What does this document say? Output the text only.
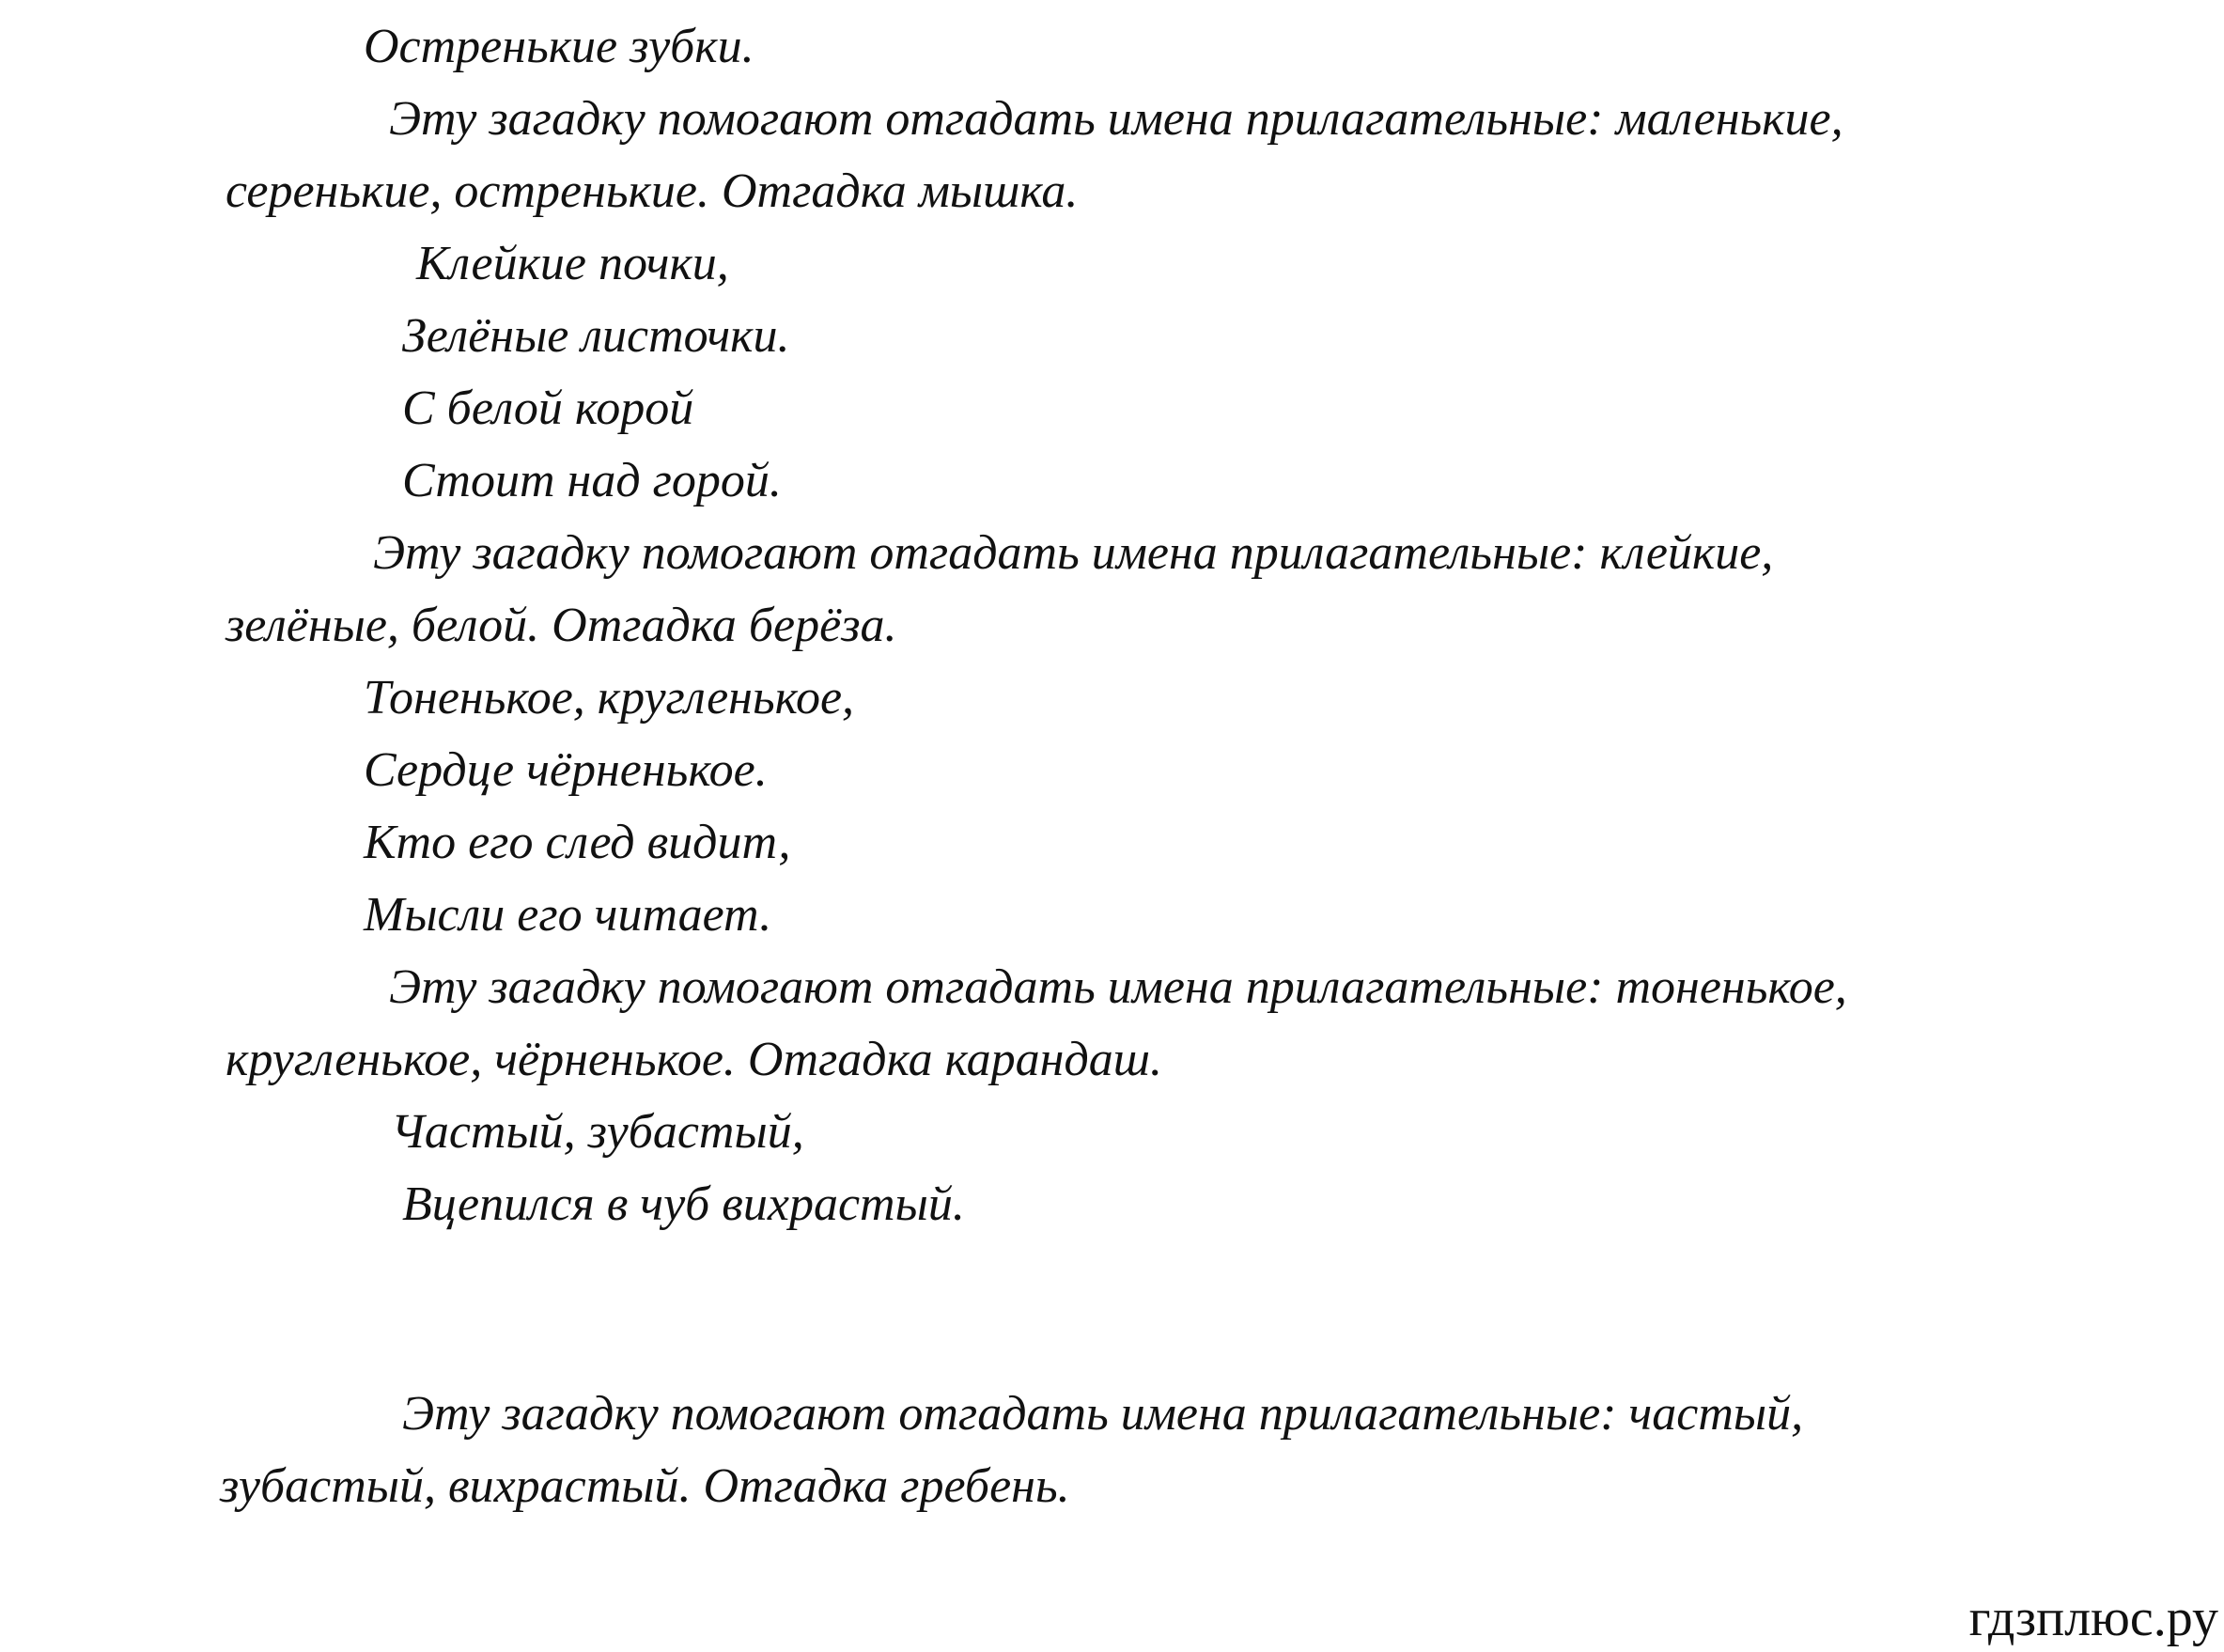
Остренькие зубки.
Эту загадку помогают отгадать имена прилагательные: маленькие,
серенькие, остренькие. Отгадка мышка.
Клейкие почки,
Зелёные листочки.
С белой корой
Стоит над горой.
Эту загадку помогают отгадать имена прилагательные: клейкие,
зелёные, белой. Отгадка берёза.
Тоненькое, кругленькое,
Сердце чёрненькое.
Кто его след видит,
Мысли его читает.
Эту загадку помогают отгадать имена прилагательные: тоненькое,
кругленькое, чёрненькое. Отгадка карандаш.
Частый, зубастый,
Вцепился в чуб вихрастый.
Эту загадку помогают отгадать имена прилагательные: частый,
зубастый, вихрастый. Отгадка гребень.
гдзплюс.ру
